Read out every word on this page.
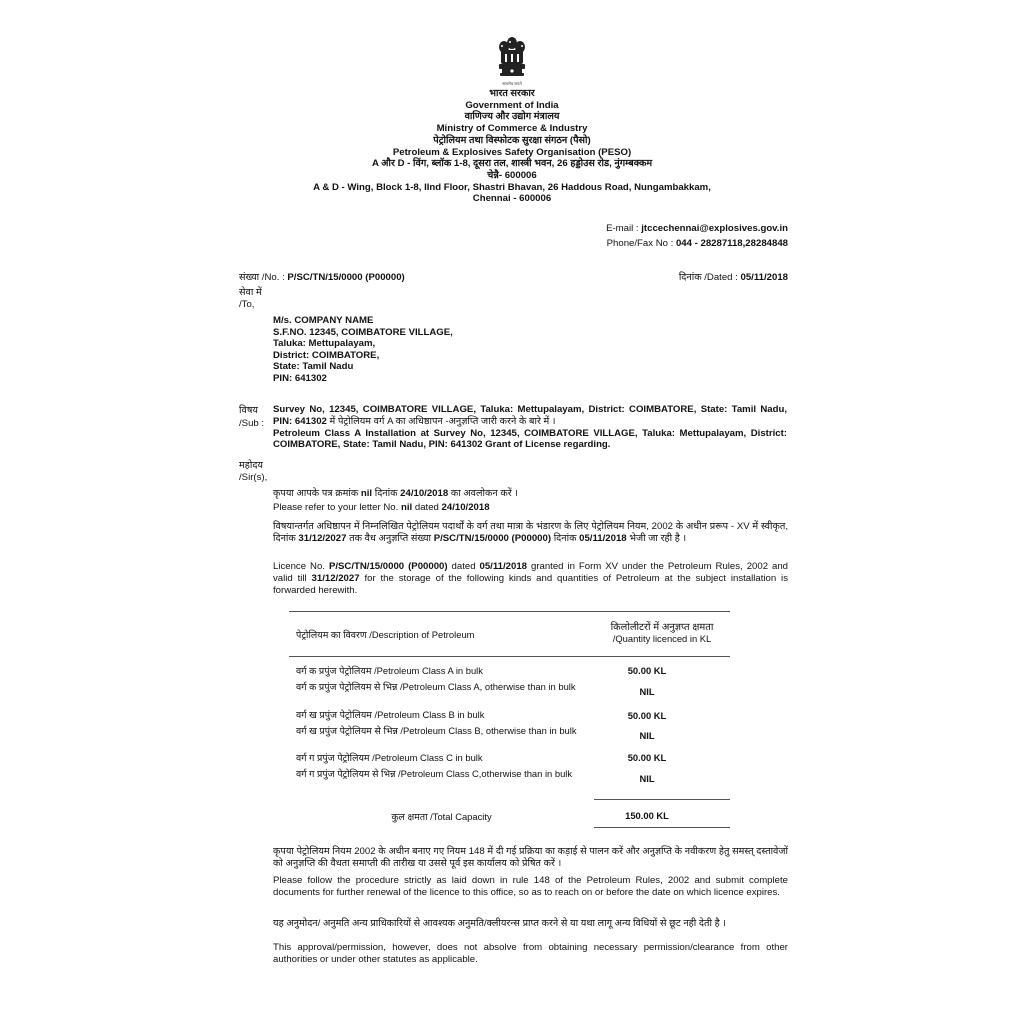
सत्यमेव जयते
भारत सरकार
Government of India
वाणिज्य और उद्योग मंत्रालय
Ministry of Commerce & Industry
पेट्रोलियम तथा विस्फोटक सुरक्षा संगठन (पैसो)
Petroleum & Explosives Safety Organisation (PESO)
A और D - विंग, ब्लॉक 1-8, दूसरा तल, शास्त्री भवन, 26 हड्डोउस रोड, नुंगम्बक्कम
चेन्नै- 600006
A & D - Wing, Block 1-8, IInd Floor, Shastri Bhavan, 26 Haddous Road, Nungambakkam,
Chennai - 600006
E-mail : jtccechennai@explosives.gov.in
Phone/Fax No : 044 - 28287118,28284848
संख्या /No. : P/SC/TN/15/0000 (P00000)	दिनांक /Dated : 05/11/2018
सेवा में
/To,
M/s. COMPANY NAME
S.F.NO. 12345, COIMBATORE VILLAGE,
Taluka: Mettupalayam,
District: COIMBATORE,
State: Tamil Nadu
PIN: 641302
विषय
/Sub :

Survey No, 12345, COIMBATORE VILLAGE, Taluka: Mettupalayam, District: COIMBATORE, State: Tamil Nadu, PIN: 641302 में पेट्रोलियम वर्ग A का अधिष्ठापन -अनुज्ञप्ति जारी करने के बारे में ।

Petroleum Class A Installation at Survey No, 12345, COIMBATORE VILLAGE, Taluka: Mettupalayam, District: COIMBATORE, State: Tamil Nadu, PIN: 641302 Grant of License regarding.

महोदय
/Sir(s),
कृपया आपके पत्र क्रमांक nil दिनांक 24/10/2018 का अवलोकन करें ।
Please refer to your letter No. nil dated 24/10/2018
विषयान्तर्गत अधिष्ठापन में निम्नलिखित पेट्रोलियम पदार्थों के वर्ग तथा मात्रा के भंडारण के लिए पेट्रोलियम नियम, 2002 के अधीन प्ररूप - XV में स्वीकृत, दिनांक 31/12/2027 तक वैध अनुज्ञप्ति संख्या P/SC/TN/15/0000 (P00000) दिनांक 05/11/2018 भेजी जा रही है ।
Licence No. P/SC/TN/15/0000 (P00000) dated 05/11/2018 granted in Form XV under the Petroleum Rules, 2002 and valid till 31/12/2027 for the storage of the following kinds and quantities of Petroleum at the subject installation is forwarded herewith.
पेट्रोलियम का विवरण /Description of Petroleum
किलोलीटरों में अनुज्ञप्त क्षमता
/Quantity licenced in KL
वर्ग क प्रपुंज पेट्रोलियम /Petroleum Class A in bulk	50.00 KL
वर्ग क प्रपुंज पेट्रोलियम से भिन्न /Petroleum Class A, otherwise than in bulk	NIL
वर्ग ख प्रपुंज पेट्रोलियम /Petroleum Class B in bulk	50.00 KL
वर्ग ख प्रपुंज पेट्रोलियम से भिन्न /Petroleum Class B, otherwise than in bulk	NIL
वर्ग ग प्रपुंज पेट्रोलियम /Petroleum Class C in bulk	50.00 KL
वर्ग ग प्रपुंज पेट्रोलियम से भिन्न /Petroleum Class C,otherwise than in bulk	NIL
कुल क्षमता /Total Capacity	150.00 KL
कृपया पेट्रोलियम नियम 2002 के अधीन बनाए गए नियम 148 में दी गई प्रक्रिया का कड़ाई से पालन करें और अनुज्ञप्ति के नवीकरण हेतु समस्त् दस्तावेजों को अनुज्ञप्ति की वैधता समाप्ती की तारीख या उससे पूर्व इस कार्यालय को प्रेषित करें ।
Please follow the procedure strictly as laid down in rule 148 of the Petroleum Rules, 2002 and submit complete documents for further renewal of the licence to this office, so as to reach on or before the date on which licence expires.
यह अनुमोदन/ अनुमति अन्य प्राधिकारियों से आवश्यक अनुमति/क्लीयरन्स प्राप्त करने से या यथा लागू अन्य विधियों से छूट नही देती है ।
This approval/permission, however, does not absolve from obtaining necessary permission/clearance from other authorities or under other statutes as applicable.
